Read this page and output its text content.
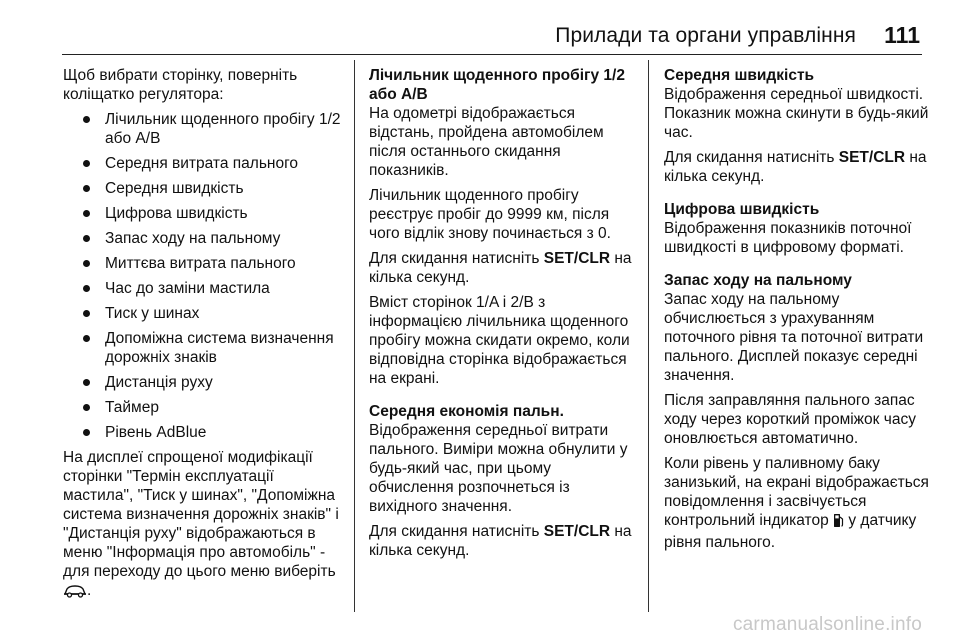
Прилади та органи управління 111

Щоб вибрати сторінку, поверніть коліщатко регулятора:

Лічильник щоденного пробігу 1/2 або A/B
Середня витрата пального
Середня швидкість
Цифрова швидкість
Запас ходу на пальному
Миттєва витрата пального
Час до заміни мастила
Тиск у шинах
Допоміжна система визначення дорожніх знаків
Дистанція руху
Таймер
Рівень AdBlue

На дисплеї спрощеної модифікації сторінки "Термін експлуатації мастила", "Тиск у шинах", "Допоміжна система визначення дорожніх знаків" і "Дистанція руху" відображаються в меню "Інформація про автомобіль" - для переходу до цього меню виберіть .

Лічильник щоденного пробігу 1/2 або A/B

На одометрі відображається відстань, пройдена автомобілем після останнього скидання показників.

Лічильник щоденного пробігу реєструє пробіг до 9999 км, після чого відлік знову починається з 0.

Для скидання натисніть SET/CLR на кілька секунд.

Вміст сторінок 1/A і 2/B з інформацією лічильника щоденного пробігу можна скидати окремо, коли відповідна сторінка відображається на екрані.

Середня економія пальн.

Відображення середньої витрати пального. Виміри можна обнулити у будь-який час, при цьому обчислення розпочнеться із вихідного значення.

Для скидання натисніть SET/CLR на кілька секунд.

Середня швидкість

Відображення середньої швидкості. Показник можна скинути в будь-який час.

Для скидання натисніть SET/CLR на кілька секунд.

Цифрова швидкість

Відображення показників поточної швидкості в цифровому форматі.

Запас ходу на пальному

Запас ходу на пальному обчислюється з урахуванням поточного рівня та поточної витрати пального. Дисплей показує середні значення.

Після заправляння пального запас ходу через короткий проміжок часу оновлюється автоматично.

Коли рівень у паливному баку занизький, на екрані відображається повідомлення і засвічується контрольний індикатор  у датчику рівня пального.

carmanualsonline.info
